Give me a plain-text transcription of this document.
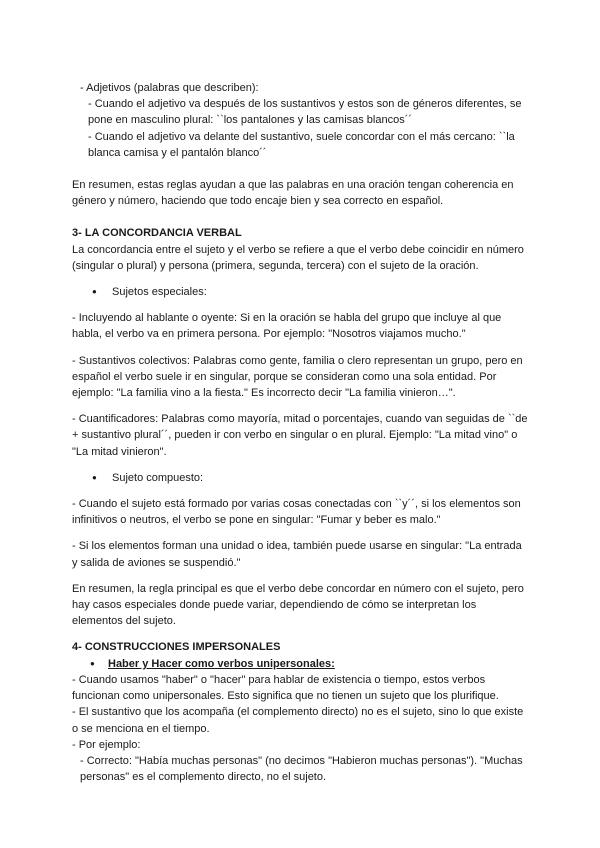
- Adjetivos (palabras que describen):

- Cuando el adjetivo va después de los sustantivos y estos son de géneros diferentes, se pone en masculino plural: ``los pantalones y las camisas blancos´´

- Cuando el adjetivo va delante del sustantivo, suele concordar con el más cercano: ``la blanca camisa y el pantalón blanco´´

En resumen, estas reglas ayudan a que las palabras en una oración tengan coherencia en género y número, haciendo que todo encaje bien y sea correcto en español.

3- LA CONCORDANCIA VERBAL

La concordancia entre el sujeto y el verbo se refiere a que el verbo debe coincidir en número (singular o plural) y persona (primera, segunda, tercera) con el sujeto de la oración.

● Sujetos especiales:

- Incluyendo al hablante o oyente: Si en la oración se habla del grupo que incluye al que habla, el verbo va en primera persona. Por ejemplo: "Nosotros viajamos mucho."

- Sustantivos colectivos: Palabras como gente, familia o clero representan un grupo, pero en español el verbo suele ir en singular, porque se consideran como una sola entidad. Por ejemplo: "La familia vino a la fiesta." Es incorrecto decir "La familia vinieron…".

- Cuantificadores: Palabras como mayoría, mitad o porcentajes, cuando van seguidas de ``de + sustantivo plural´´, pueden ir con verbo en singular o en plural. Ejemplo: "La mitad vino" o "La mitad vinieron".

● Sujeto compuesto:

- Cuando el sujeto está formado por varias cosas conectadas con ``y´´, si los elementos son infinitivos o neutros, el verbo se pone en singular: "Fumar y beber es malo."

- Si los elementos forman una unidad o idea, también puede usarse en singular: "La entrada y salida de aviones se suspendió."

En resumen, la regla principal es que el verbo debe concordar en número con el sujeto, pero hay casos especiales donde puede variar, dependiendo de cómo se interpretan los elementos del sujeto.

4- CONSTRUCCIONES IMPERSONALES

● Haber y Hacer como verbos unipersonales:

- Cuando usamos "haber" o "hacer" para hablar de existencia o tiempo, estos verbos funcionan como unipersonales. Esto significa que no tienen un sujeto que los plurifique.

- El sustantivo que los acompaña (el complemento directo) no es el sujeto, sino lo que existe o se menciona en el tiempo.

- Por ejemplo:

- Correcto: "Había muchas personas" (no decimos "Habieron muchas personas"). "Muchas personas" es el complemento directo, no el sujeto.
